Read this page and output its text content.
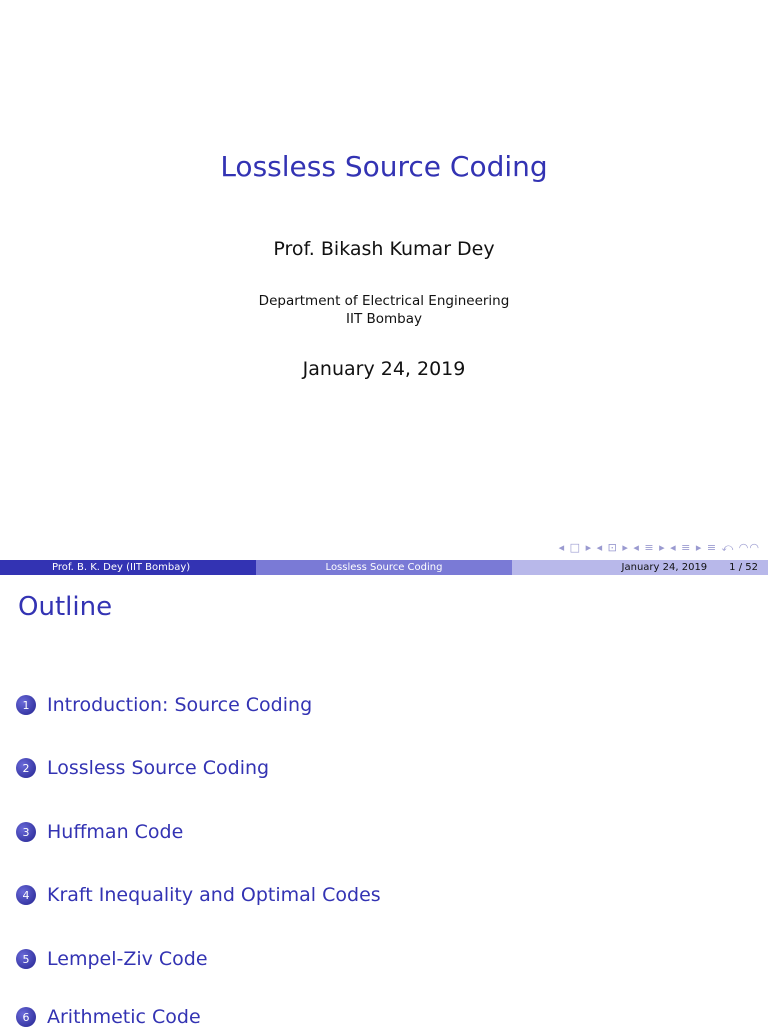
Lossless Source Coding
Prof. Bikash Kumar Dey
Department of Electrical Engineering
IIT Bombay
January 24, 2019
◂ □ ▸ ◂ ⊡ ▸ ◂ ≡ ▸ ◂ ≡ ▸ ≡ ⤺ ◠◠
Prof. B. K. Dey (IIT Bombay)	Lossless Source Coding	January 24, 2019 1 / 52
Outline
1 Introduction: Source Coding
2 Lossless Source Coding
3 Huffman Code
4 Kraft Inequality and Optimal Codes
5 Lempel-Ziv Code
6 Arithmetic Code
